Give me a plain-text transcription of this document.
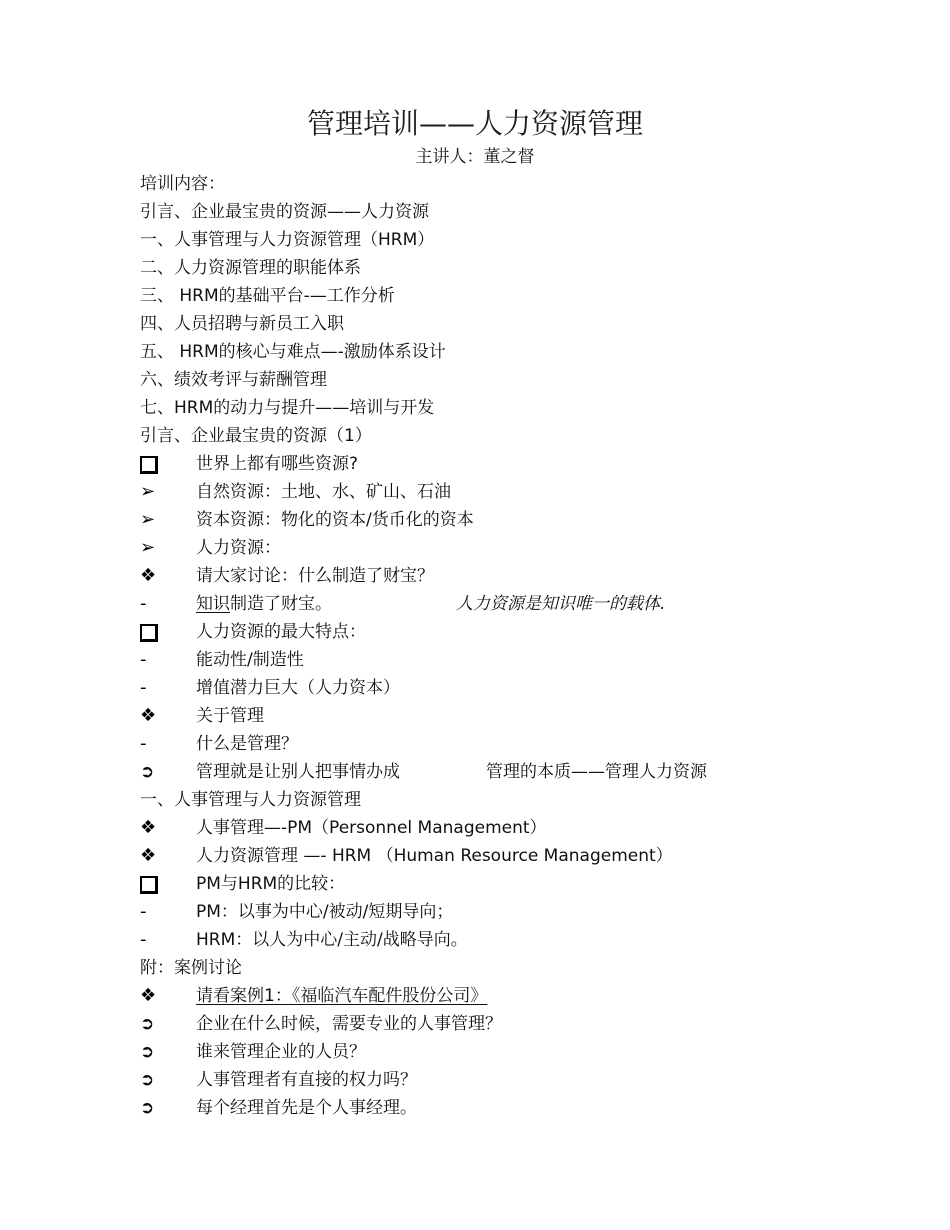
管理培训——人力资源管理
主讲人：董之督
培训内容：
引言、企业最宝贵的资源——人力资源
一、人事管理与人力资源管理（HRM）
二、人力资源管理的职能体系
三、 HRM的基础平台-—工作分析
四、人员招聘与新员工入职
五、 HRM的核心与难点—-激励体系设计
六、绩效考评与薪酬管理
七、HRM的动力与提升——培训与开发
引言、企业最宝贵的资源（1）
世界上都有哪些资源?
➢	自然资源：土地、水、矿山、石油
➢	资本资源：物化的资本/货币化的资本
➢	人力资源：
❖	请大家讨论：什么制造了财宝？
-	知识制造了财宝。	人力资源是知识唯一的载体.
人力资源的最大特点：
-	能动性/制造性
-	增值潜力巨大（人力资本）
❖	关于管理
-	什么是管理？
➲	管理就是让别人把事情办成	管理的本质——管理人力资源
一、人事管理与人力资源管理
❖	人事管理—-PM（Personnel Management）
❖	人力资源管理 —- HRM （Human Resource Management）
PM与HRM的比较：
-	PM：以事为中心/被动/短期导向；
-	HRM：以人为中心/主动/战略导向。
附：案例讨论
❖	请看案例1：《福临汽车配件股份公司》
➲	企业在什么时候，需要专业的人事管理？
➲	谁来管理企业的人员？
➲	人事管理者有直接的权力吗？
➲	每个经理首先是个人事经理。
